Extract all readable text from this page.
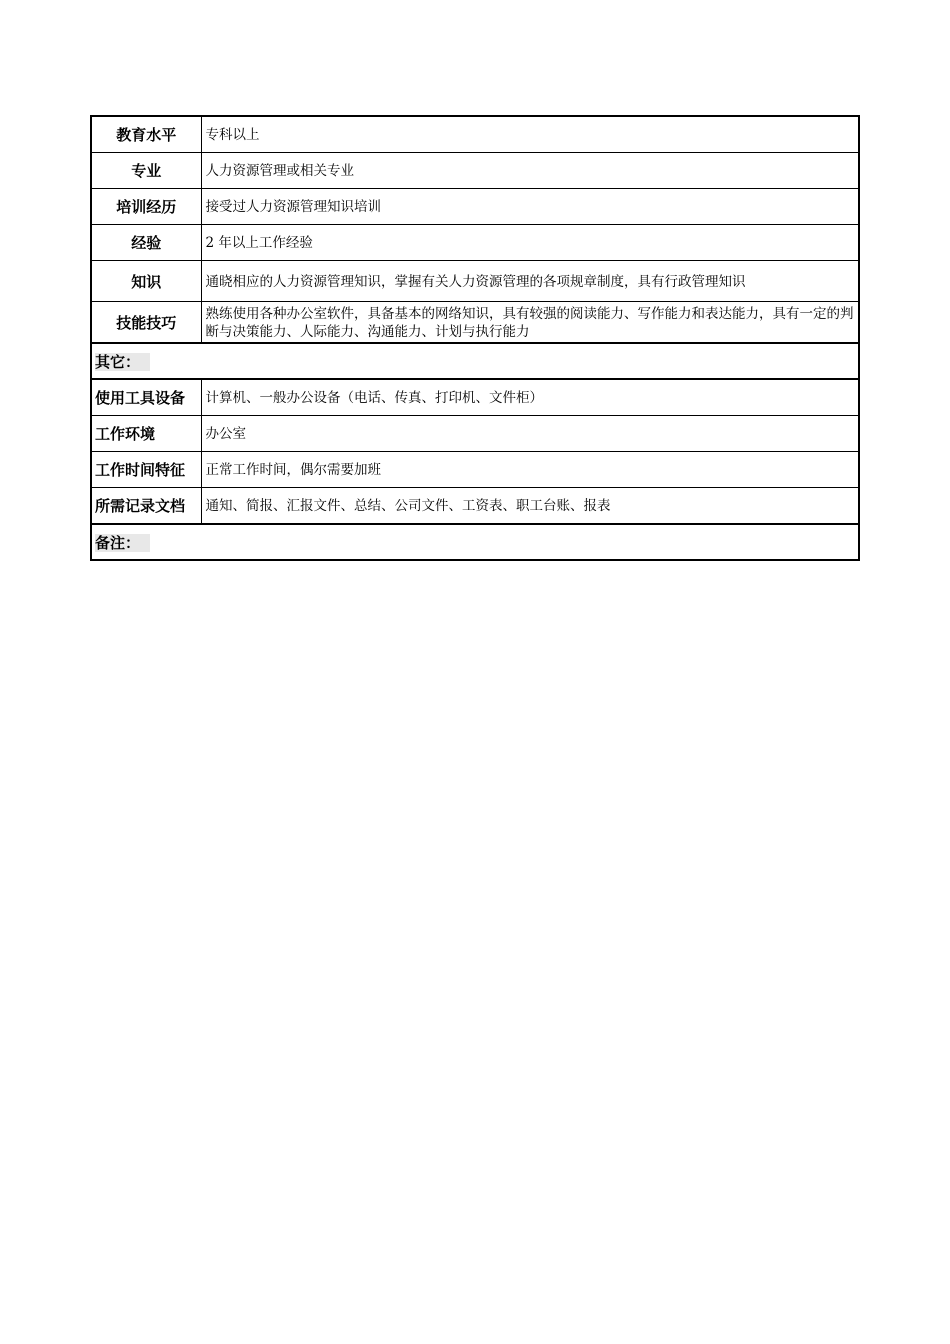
教育水平	专科以上
专业	人力资源管理或相关专业
培训经历	接受过人力资源管理知识培训
经验	2 年以上工作经验
知识	通晓相应的人力资源管理知识，掌握有关人力资源管理的各项规章制度，具有行政管理知识
技能技巧	熟练使用各种办公室软件，具备基本的网络知识，具有较强的阅读能力、写作能力和表达能力，具有一定的判断与决策能力、人际能力、沟通能力、计划与执行能力
其它：	
使用工具设备	计算机、一般办公设备（电话、传真、打印机、文件柜）
工作环境	办公室
工作时间特征	正常工作时间，偶尔需要加班
所需记录文档	通知、简报、汇报文件、总结、公司文件、工资表、职工台账、报表
备注：	
